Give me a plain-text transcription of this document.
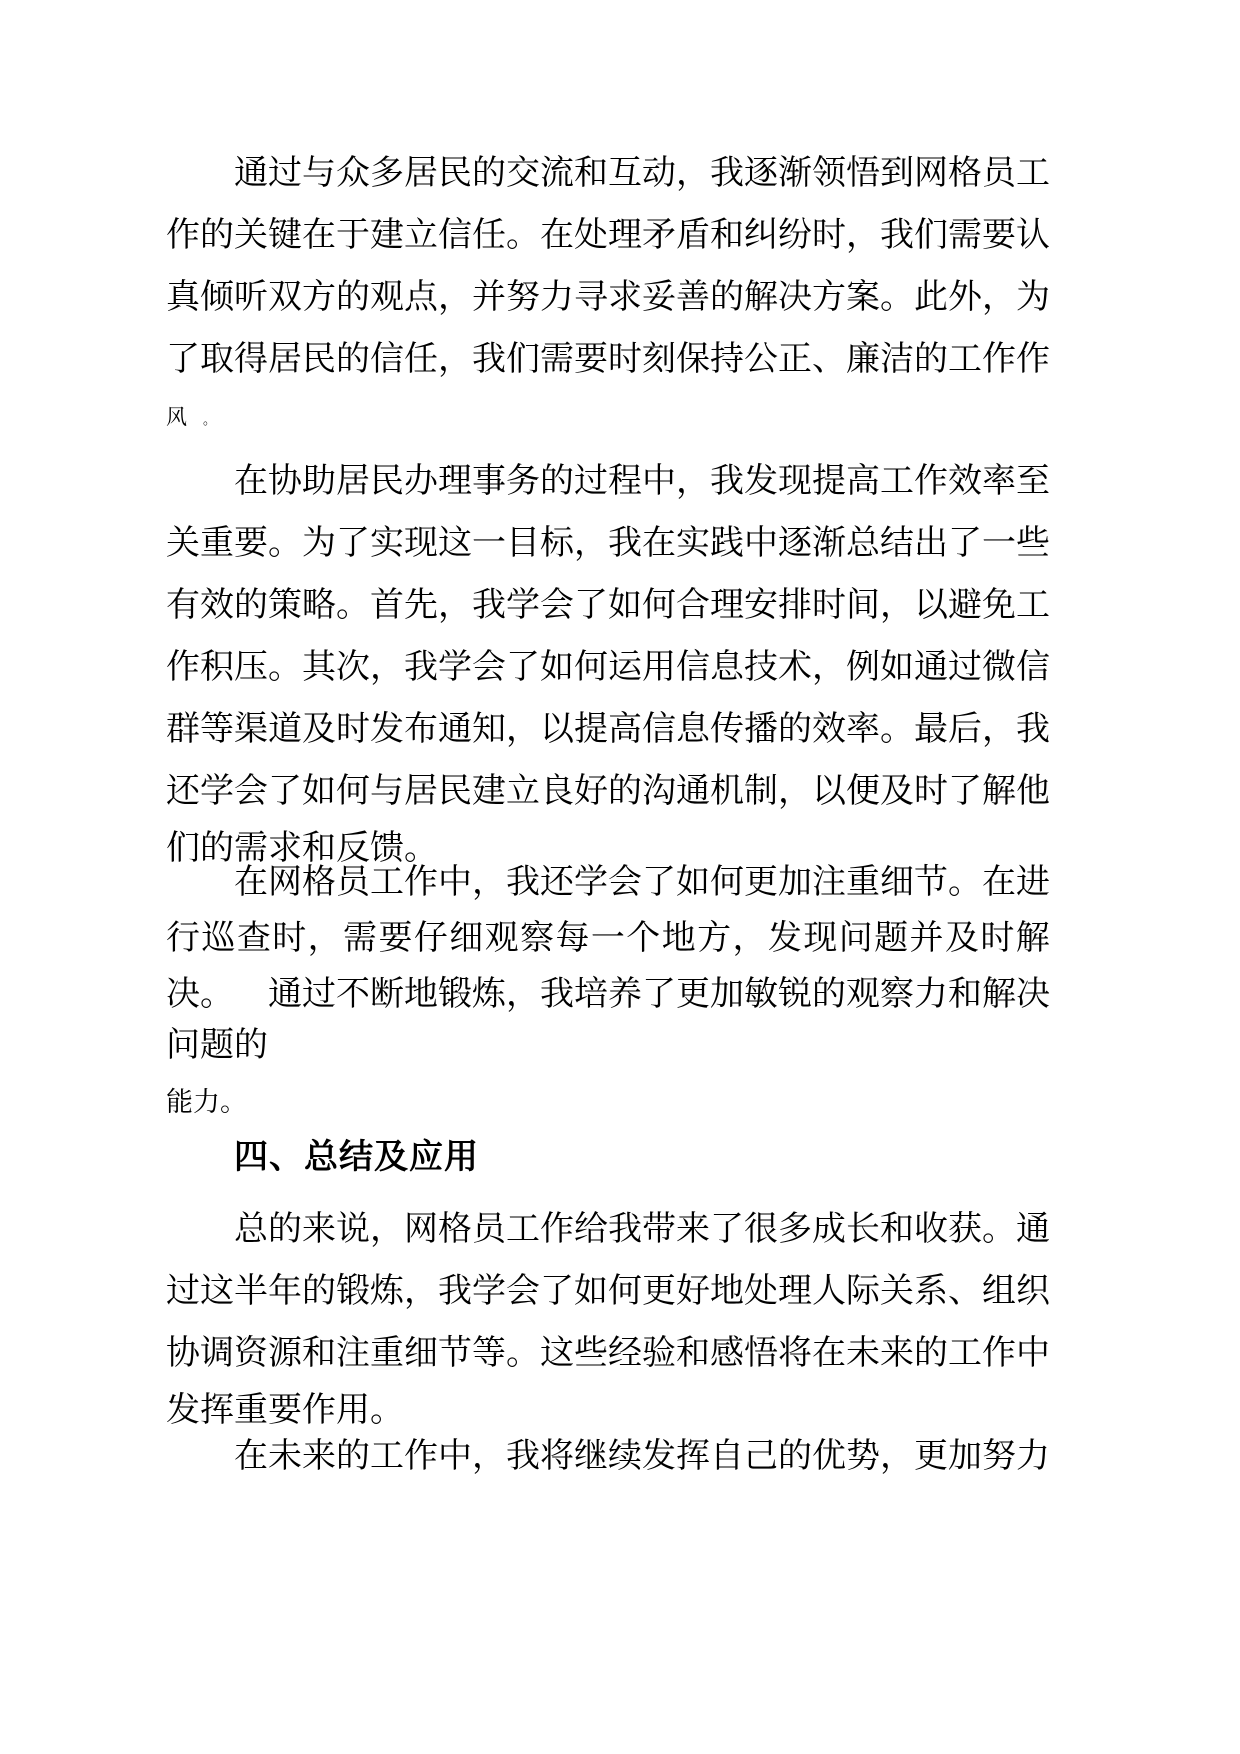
通 过 与 众 多 居 民 的 交 流 和 互 动 ， 我 逐 渐 领 悟 到 网 格 员 工
作 的 关 键 在 于 建 立 信 任 。 在 处 理 矛 盾 和 纠 纷 时 ， 我 们 需 要 认
真 倾 听 双 方 的 观 点 ， 并 努 力 寻 求 妥 善 的 解 决 方 案 。 此 外 ， 为
了 取 得 居 民 的 信 任 ， 我 们 需 要 时 刻 保 持 公 正 、 廉 洁 的 工 作 作
风 。
在 协 助 居 民 办 理 事 务 的 过 程 中 ， 我 发 现 提 高 工 作 效 率 至
关 重 要 。 为 了 实 现 这 一 目 标 ， 我 在 实 践 中 逐 渐 总 结 出 了 一 些
有 效 的 策 略 。 首 先 ， 我 学 会 了 如 何 合 理 安 排 时 间 ， 以 避 免 工
作 积 压 。 其 次 ， 我 学 会 了 如 何 运 用 信 息 技 术 ， 例 如 通 过 微 信
群 等 渠 道 及 时 发 布 通 知 ， 以 提 高 信 息 传 播 的 效 率 。 最 后 ， 我
还 学 会 了 如 何 与 居 民 建 立 良 好 的 沟 通 机 制 ， 以 便 及 时 了 解 他
们的需求和反馈。
在 网 格 员 工 作 中 ， 我 还 学 会 了 如 何 更 加 注 重 细 节 。 在 进
行 巡 查 时 ， 需 要 仔 细 观 察 每 一 个 地 方 ， 发 现 问 题 并 及 时 解
决 。
　 通 过 不 断 地 锻 炼 ， 我 培 养 了 更 加 敏 锐 的 观 察 力 和 解 决
问题的
能力。
四、总结及应用
总 的 来 说 ， 网 格 员 工 作 给 我 带 来 了 很 多 成 长 和 收 获 。 通
过 这 半 年 的 锻 炼 ， 我 学 会 了 如 何 更 好 地 处 理 人 际 关 系 、 组 织
协 调 资 源 和 注 重 细 节 等 。 这 些 经 验 和 感 悟 将 在 未 来 的 工 作 中
发挥重要作用。
在未来的工作中，我将继续发挥自己的优势，更加努力
